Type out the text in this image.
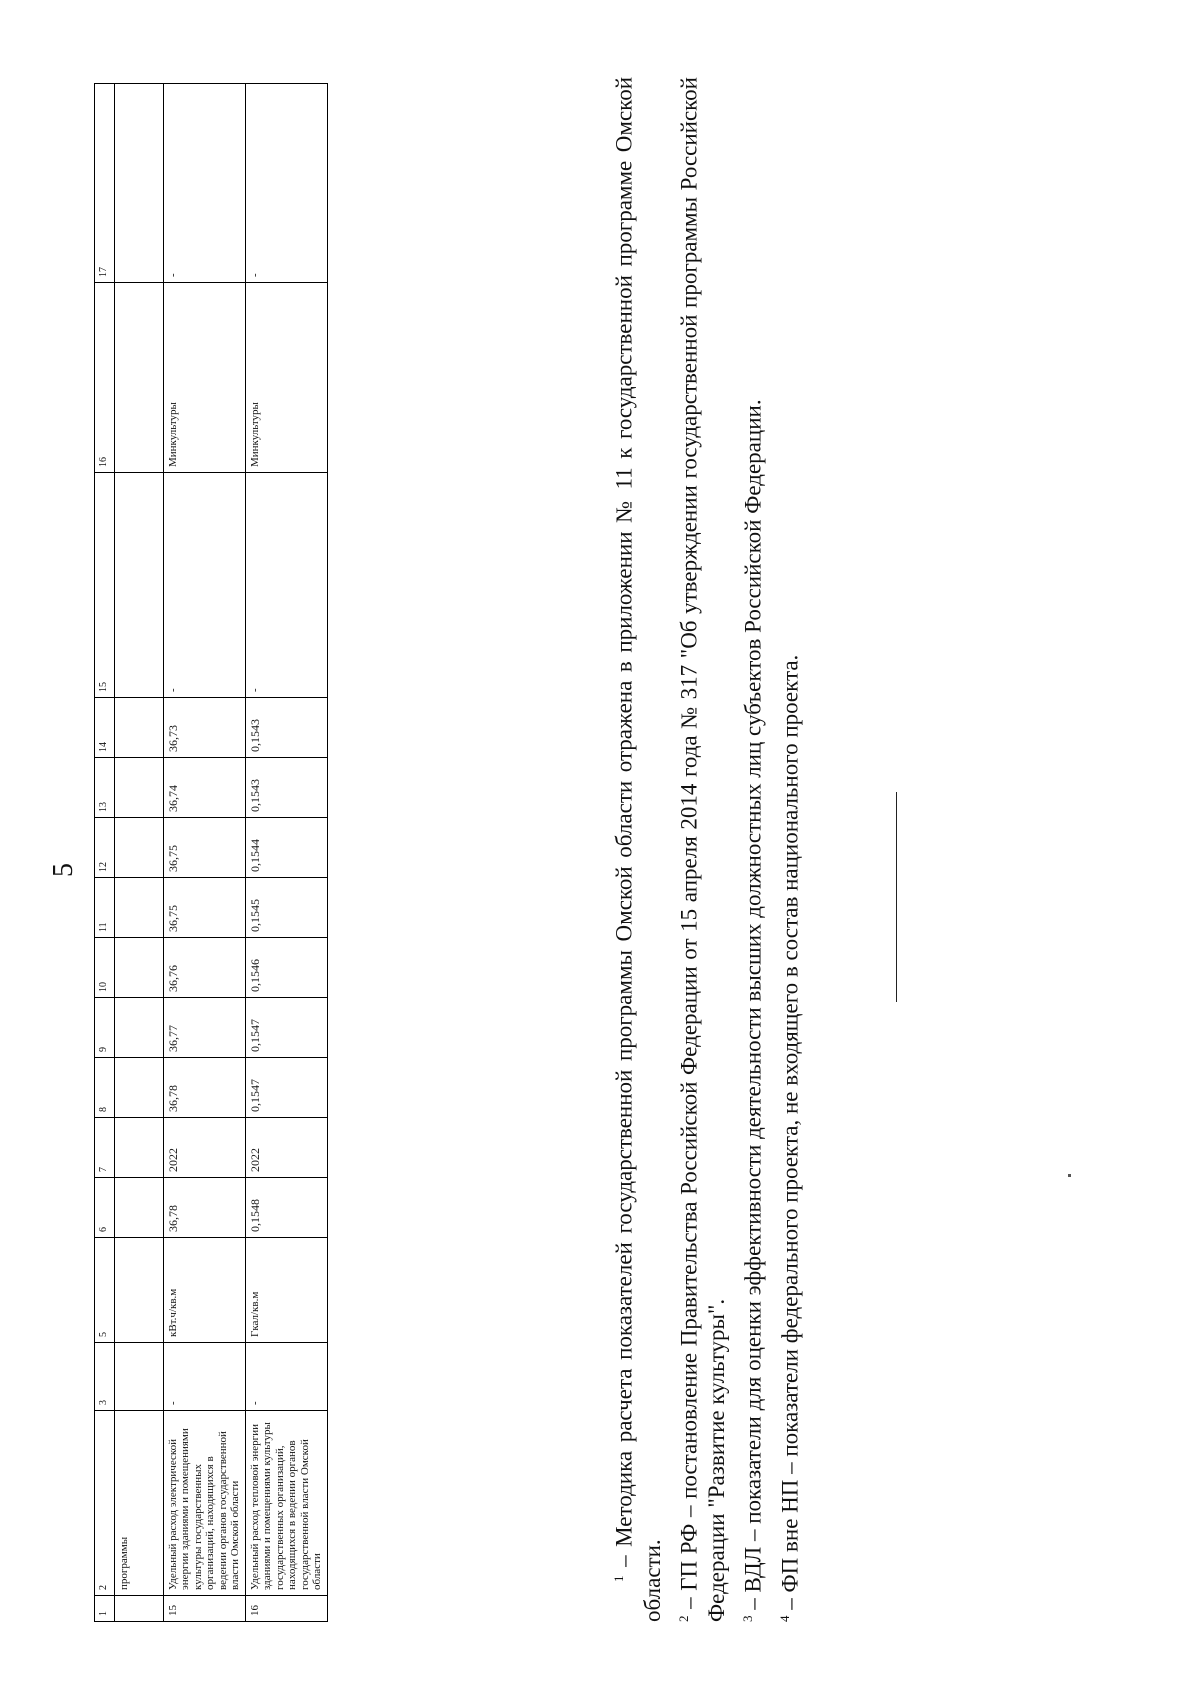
5
1	2	3	5	6	7	8	9	10	11	12	13	14	15	16	17
	программы														
15	Удельный расход электрической энергии зданиями и помещениями культуры государственных организаций, находящихся в ведении органов государственной власти Омской области	-	кВт.ч/кв.м	36,78	2022	36,78	36,77	36,76	36,75	36,75	36,74	36,73	-	Минкультуры	-
16	Удельный расход тепловой энергии зданиями и помещениями культуры государственных организаций, находящихся в ведении органов государственной власти Омской области	-	Гкал/кв.м	0,1548	2022	0,1547	0,1547	0,1546	0,1545	0,1544	0,1543	0,1543	-	Минкультуры	-

$^1$ – Методика расчета показателей государственной программы Омской области отражена в приложении № 11 к государственной программе Омской области. $^2$ – ГП РФ – постановление Правительства Российской Федерации от 15 апреля 2014 года № 317 "Об утверждении государственной программы Российской Федерации "Развитие культуры". $^3$ – ВДЛ – показатели для оценки эффективности деятельности высших должностных лиц субъектов Российской Федерации.

$^4$ – ФП вне НП – показатели федерального проекта, не входящего в состав национального проекта.
